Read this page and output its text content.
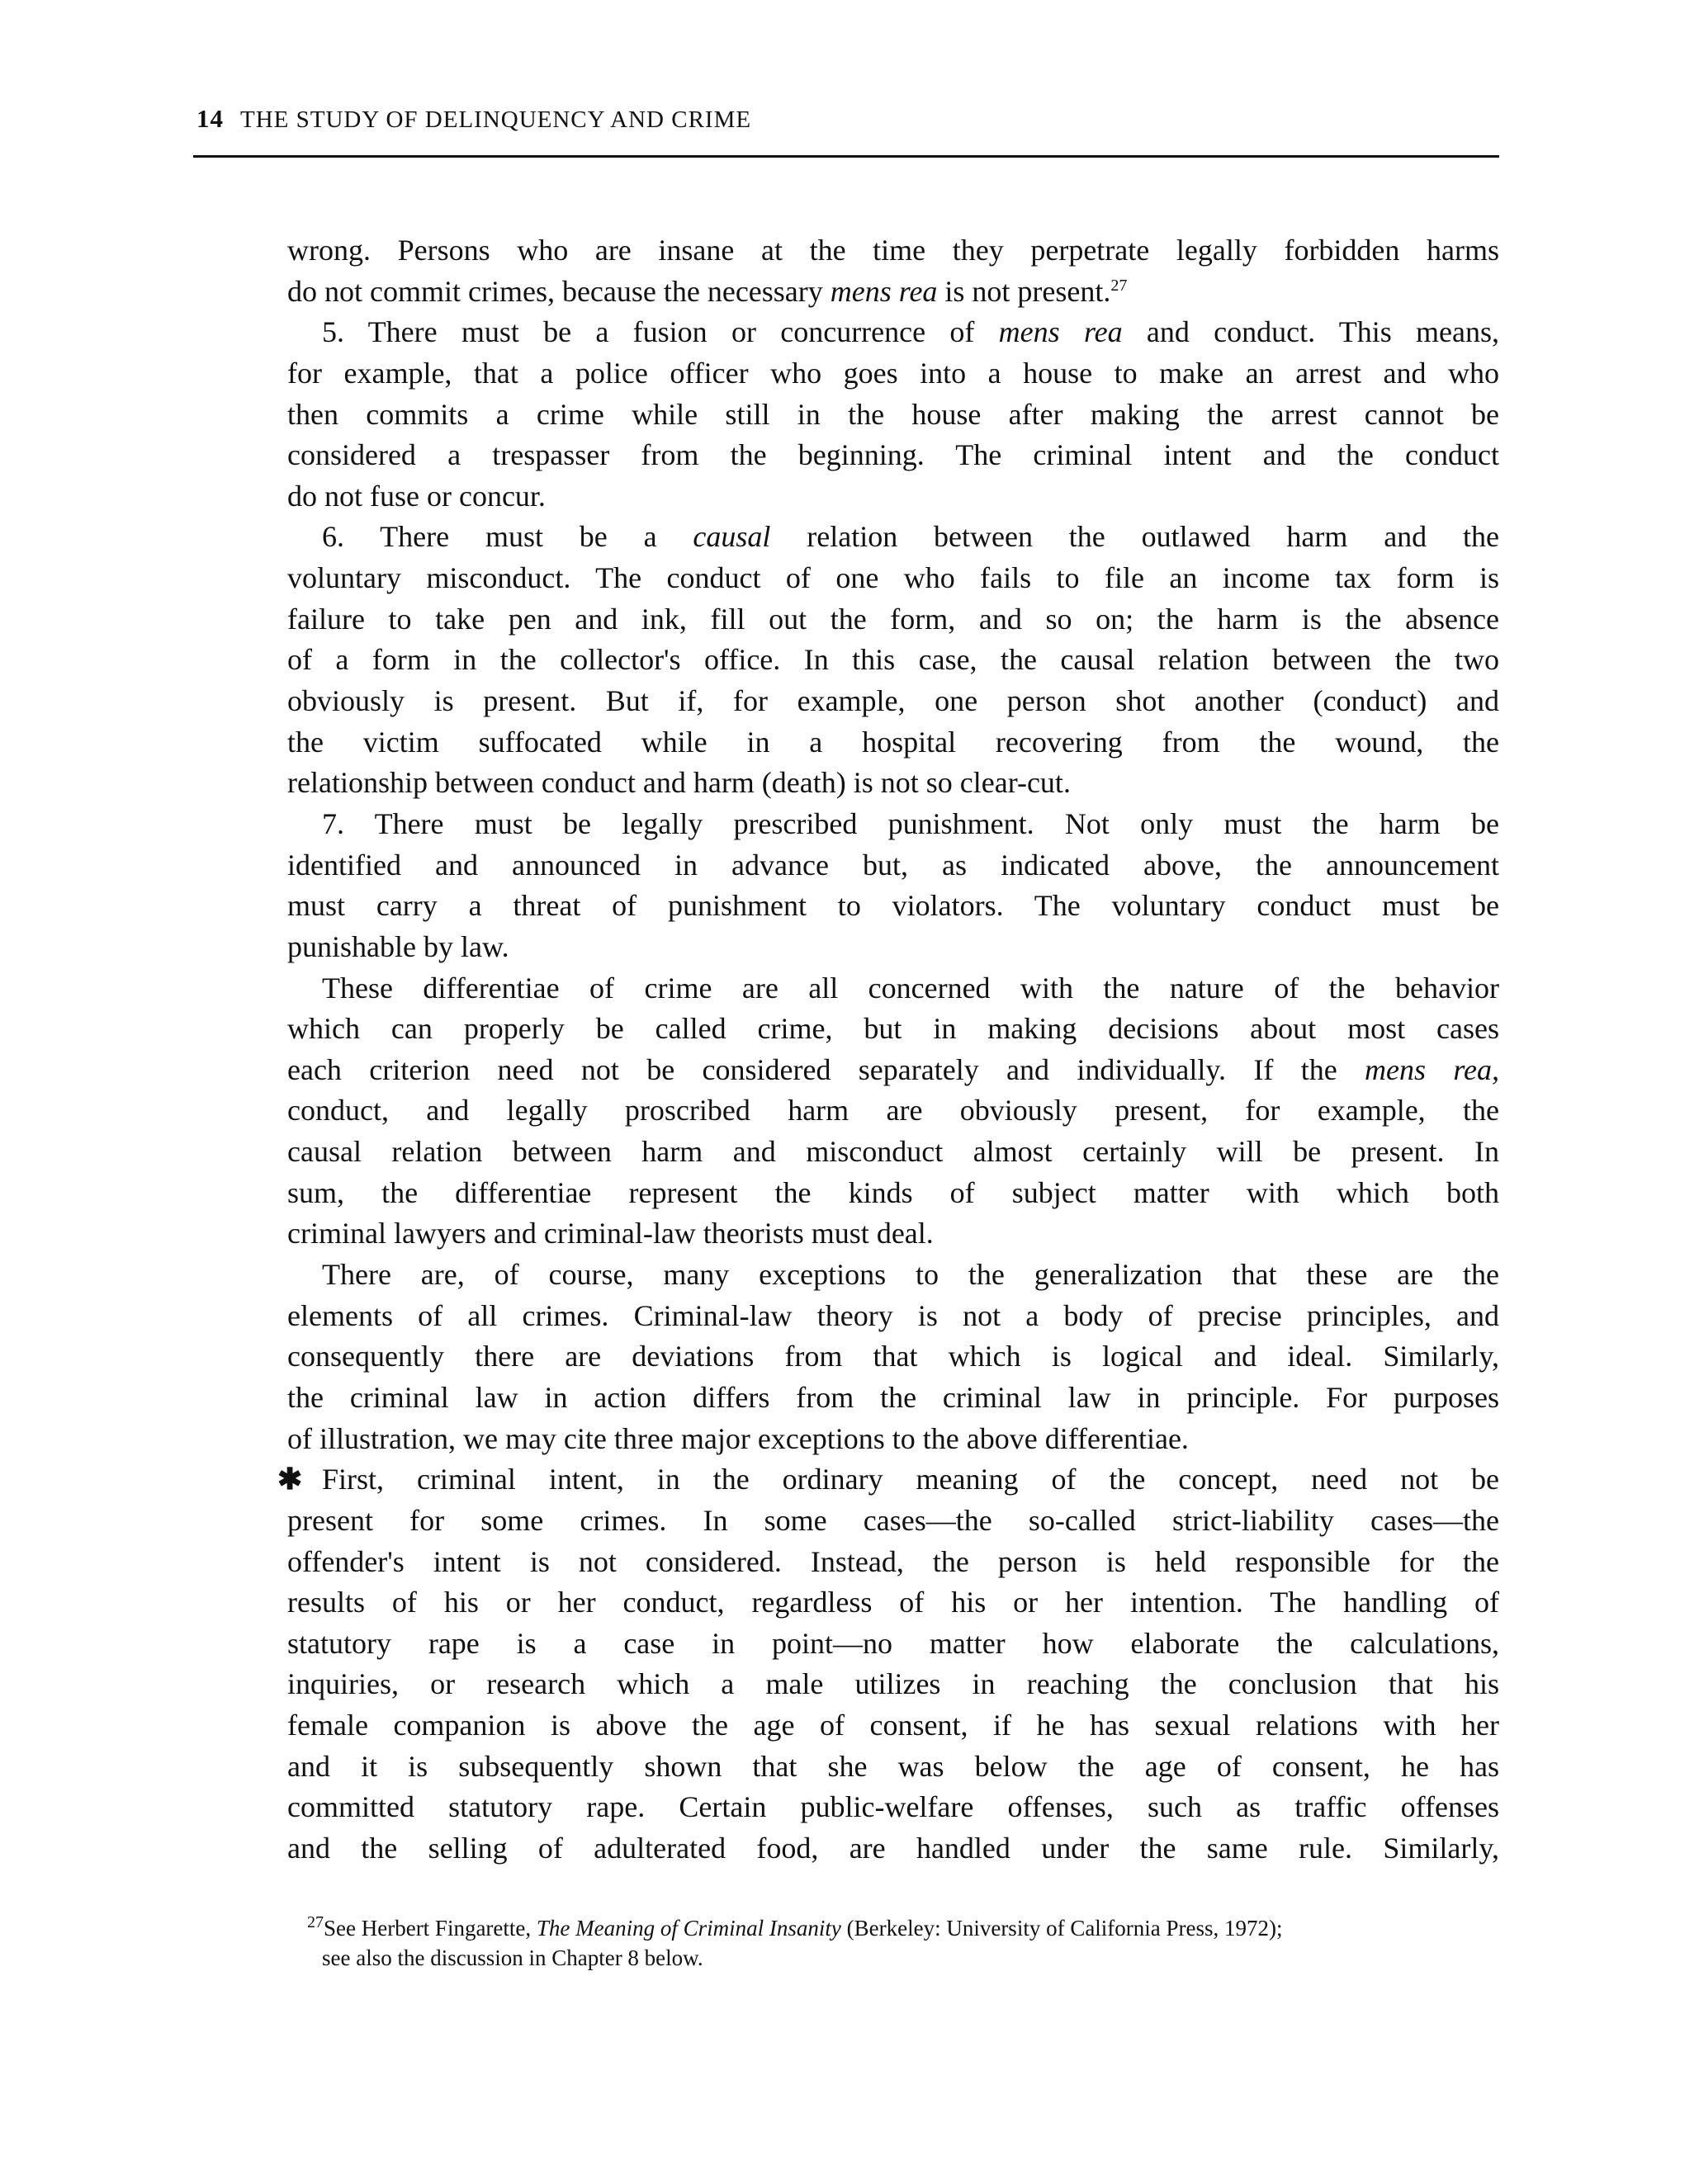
14 THE STUDY OF DELINQUENCY AND CRIME
wrong. Persons who are insane at the time they perpetrate legally forbidden harms
do not commit crimes, because the necessary mens rea is not present.$^{27}$
5. There must be a fusion or concurrence of mens rea and conduct. This means,
for example, that a police officer who goes into a house to make an arrest and who
then commits a crime while still in the house after making the arrest cannot be
considered a trespasser from the beginning. The criminal intent and the conduct
do not fuse or concur.
6. There must be a causal relation between the outlawed harm and the
voluntary misconduct. The conduct of one who fails to file an income tax form is
failure to take pen and ink, fill out the form, and so on; the harm is the absence
of a form in the collector's office. In this case, the causal relation between the two
obviously is present. But if, for example, one person shot another (conduct) and
the victim suffocated while in a hospital recovering from the wound, the
relationship between conduct and harm (death) is not so clear-cut.
7. There must be legally prescribed punishment. Not only must the harm be
identified and announced in advance but, as indicated above, the announcement
must carry a threat of punishment to violators. The voluntary conduct must be
punishable by law.
These differentiae of crime are all concerned with the nature of the behavior
which can properly be called crime, but in making decisions about most cases
each criterion need not be considered separately and individually. If the mens rea,
conduct, and legally proscribed harm are obviously present, for example, the
causal relation between harm and misconduct almost certainly will be present. In
sum, the differentiae represent the kinds of subject matter with which both
criminal lawyers and criminal-law theorists must deal.
There are, of course, many exceptions to the generalization that these are the
elements of all crimes. Criminal-law theory is not a body of precise principles, and
consequently there are deviations from that which is logical and ideal. Similarly,
the criminal law in action differs from the criminal law in principle. For purposes
of illustration, we may cite three major exceptions to the above differentiae.
✱ First, criminal intent, in the ordinary meaning of the concept, need not be
present for some crimes. In some cases—the so-called strict-liability cases—the
offender's intent is not considered. Instead, the person is held responsible for the
results of his or her conduct, regardless of his or her intention. The handling of
statutory rape is a case in point—no matter how elaborate the calculations,
inquiries, or research which a male utilizes in reaching the conclusion that his
female companion is above the age of consent, if he has sexual relations with her
and it is subsequently shown that she was below the age of consent, he has
committed statutory rape. Certain public-welfare offenses, such as traffic offenses
and the selling of adulterated food, are handled under the same rule. Similarly,
$^{27}$See Herbert Fingarette, The Meaning of Criminal Insanity (Berkeley: University of California Press, 1972);
see also the discussion in Chapter 8 below.
